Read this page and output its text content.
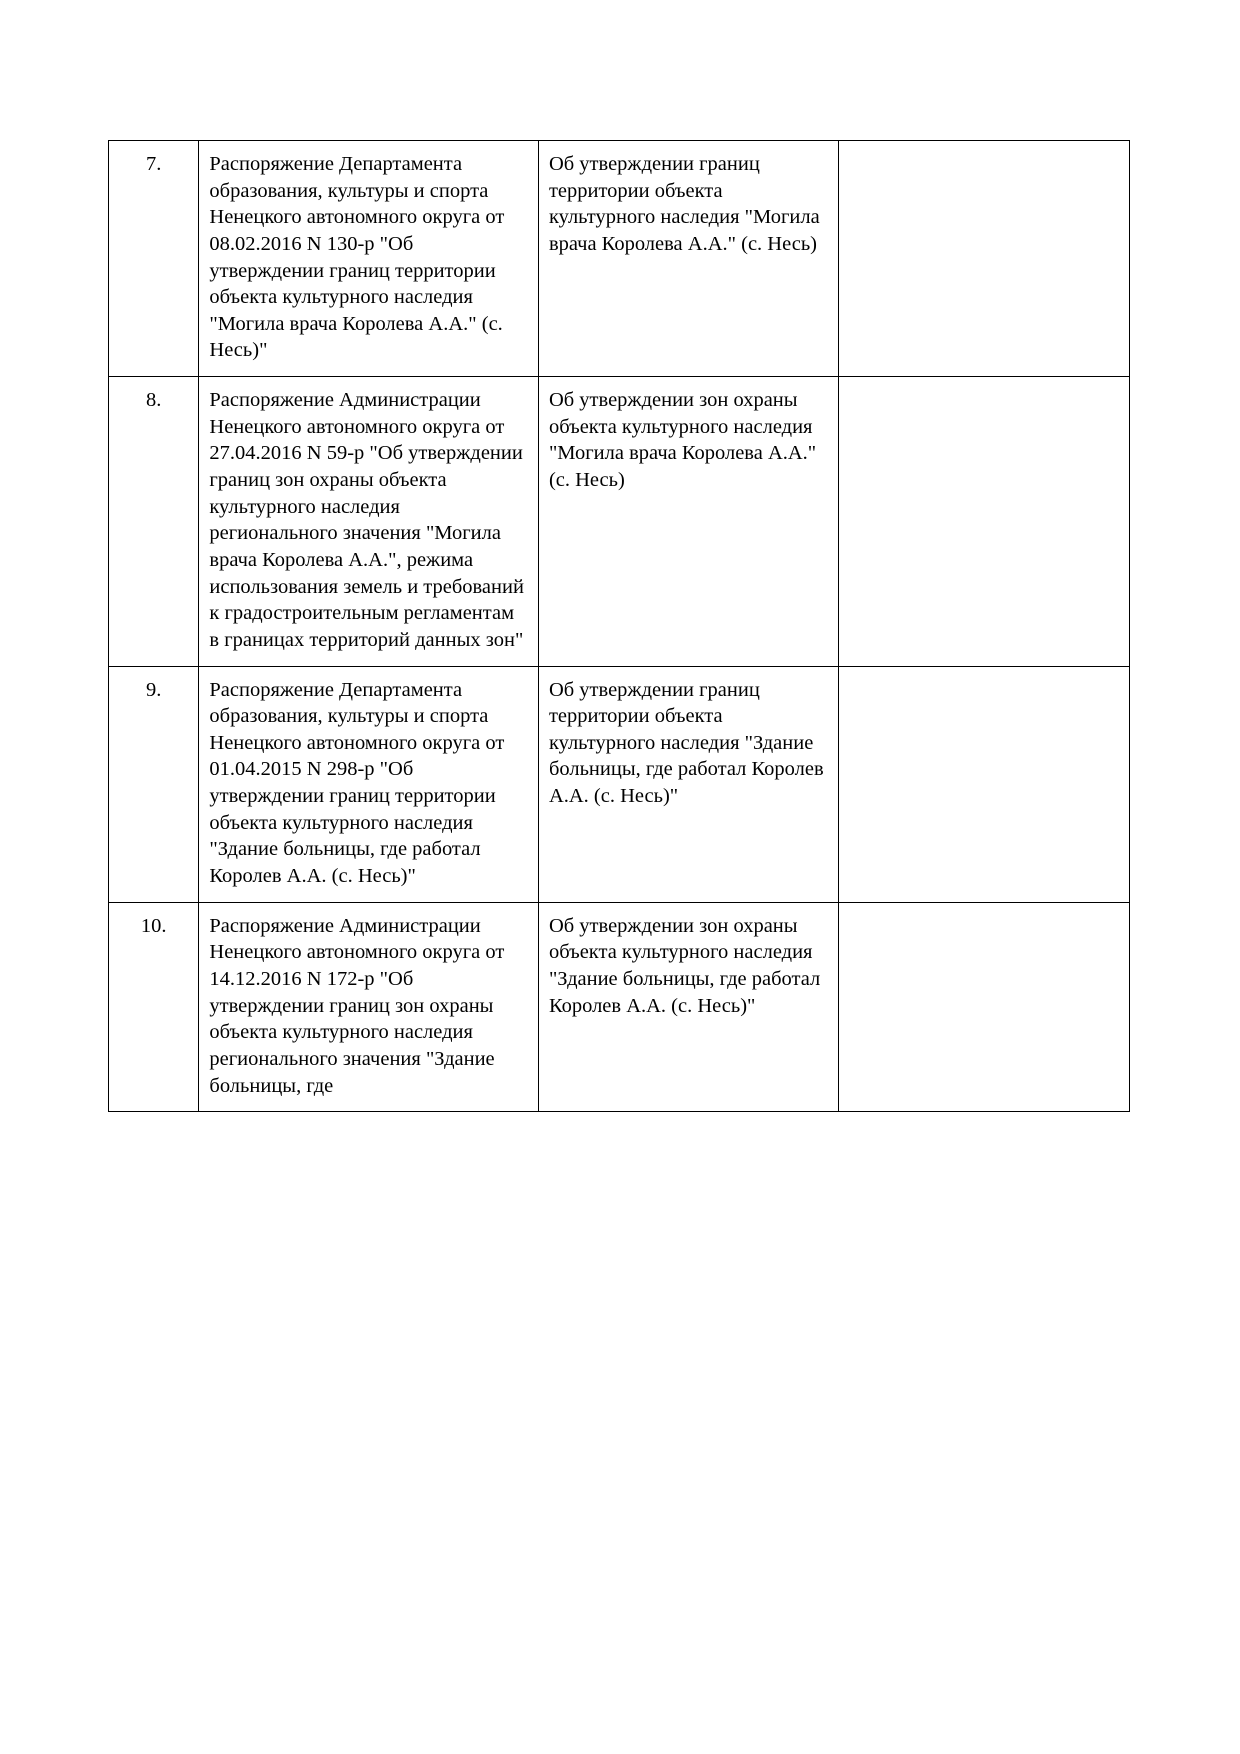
7.	Распоряжение Департамента образования, культуры и спорта Ненецкого автономного округа от 08.02.2016 N 130-р "Об утверждении границ территории объекта культурного наследия "Могила врача Королева А.А." (с. Несь)"	Об утверждении границ территории объекта культурного наследия "Могила врача Королева А.А." (с. Несь)	

8.	Распоряжение Администрации Ненецкого автономного округа от 27.04.2016 N 59-р "Об утверждении границ зон охраны объекта культурного наследия регионального значения "Могила врача Королева А.А.", режима использования земель и требований к градостроительным регламентам в границах территорий данных зон"	Об утверждении зон охраны объекта культурного наследия "Могила врача Королева А.А." (с. Несь)	

9.	Распоряжение Департамента образования, культуры и спорта Ненецкого автономного округа от 01.04.2015 N 298-р "Об утверждении границ территории объекта культурного наследия "Здание больницы, где работал Королев А.А. (с. Несь)"	Об утверждении границ территории объекта культурного наследия "Здание больницы, где работал Королев А.А. (с. Несь)"	

10.	Распоряжение Администрации Ненецкого автономного округа от 14.12.2016 N 172-р "Об утверждении границ зон охраны объекта культурного наследия регионального значения "Здание больницы, где	Об утверждении зон охраны объекта культурного наследия "Здание больницы, где работал Королев А.А. (с. Несь)"	
